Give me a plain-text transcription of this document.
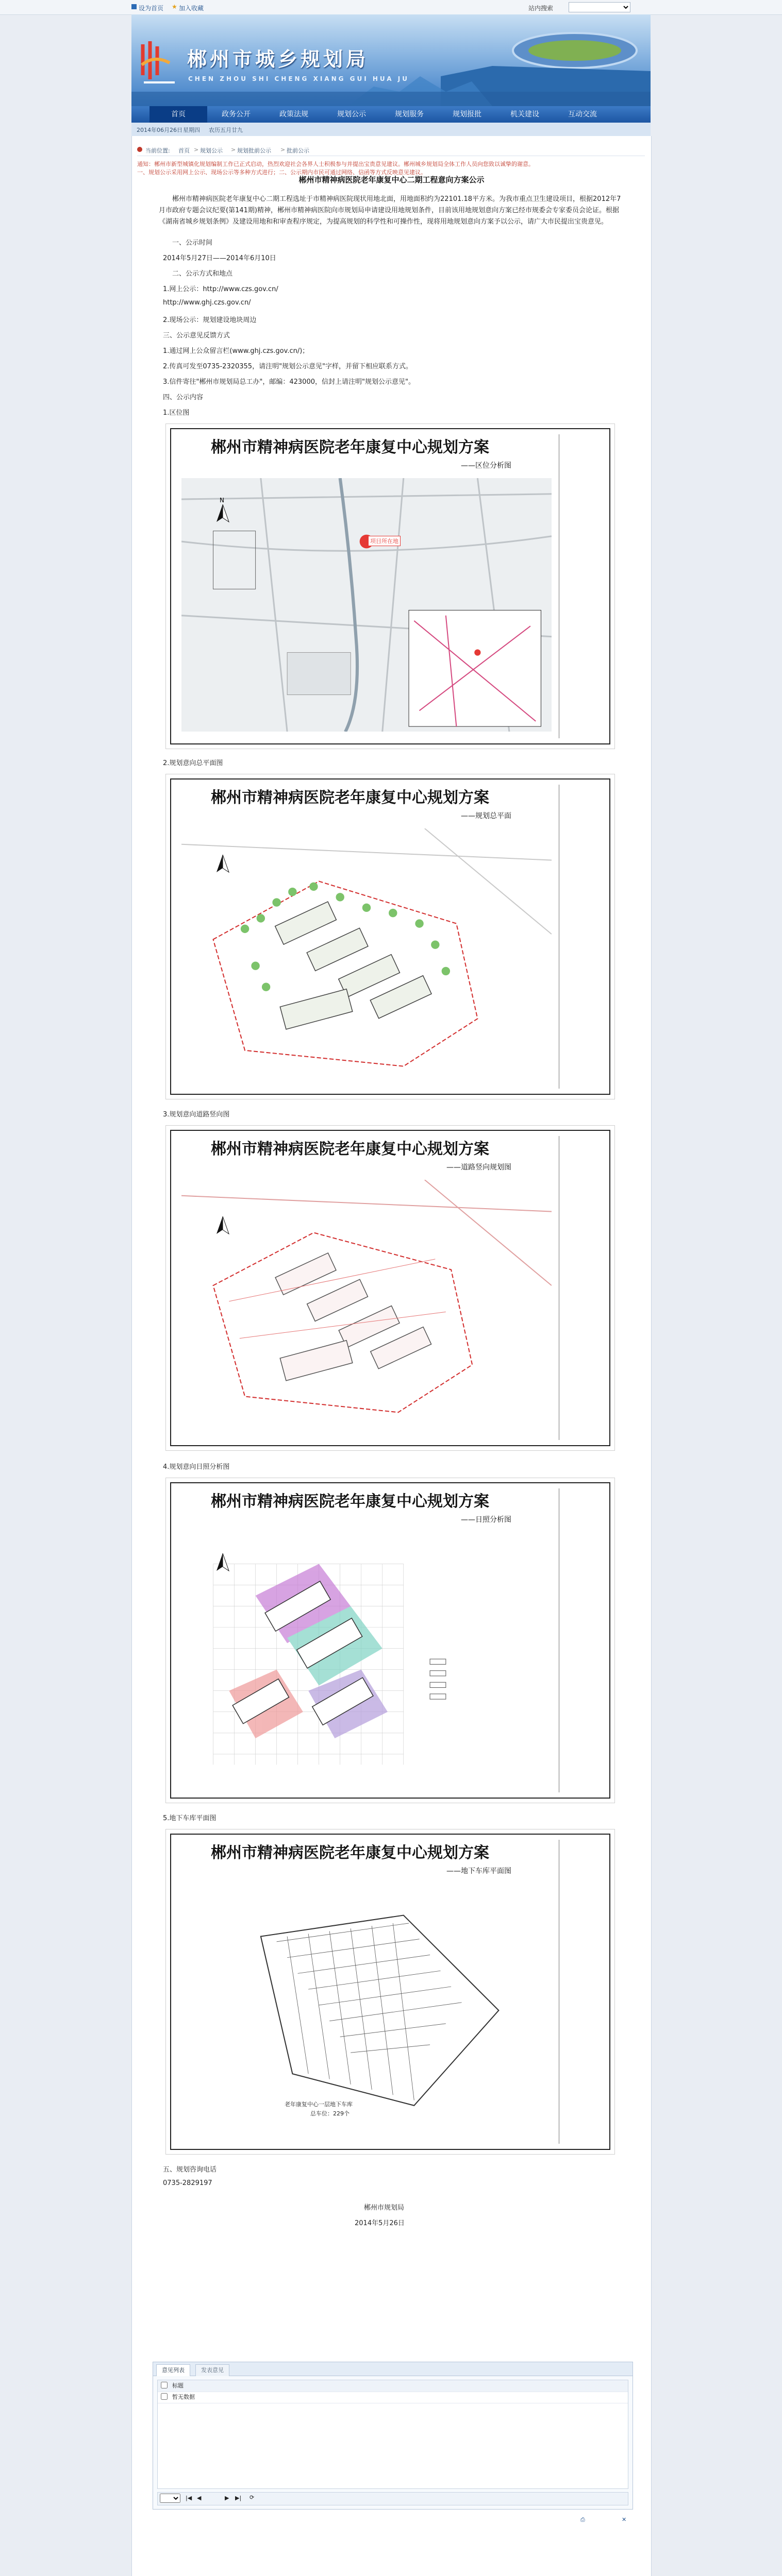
设为首页 ★ 加入收藏	站内搜索
郴州市城乡规划局
CHEN ZHOU SHI CHENG XIANG GUI HUA JU
首页	政务公开	政策法规	规划公示	规划服务	规划报批	机关建设	互动交流
2014年06月26日 星期四 农历五月廿九
当前位置: 首页 > 规划公示 > 规划批前公示 > 批前公示
通知：郴州市新型城镇化规划编制工作已正式启动，热烈欢迎社会各界人士积极参与并提出宝贵意见建议。郴州城乡规划局全体工作人员向您致以诚挚的谢意。
一、规划公示采用网上公示、现场公示等多种方式进行；二、公示期内市民可通过网络、信函等方式反映意见建议。
郴州市精神病医院老年康复中心二期工程意向方案公示
郴州市精神病医院老年康复中心二期工程选址于市精神病医院现状用地北面，用地面积约为22101.18平方米。为我市重点卫生建设项目，根据2012年7月市政府专题会议纪要(第141期)精神，郴州市精神病医院向市规划局申请建设用地规划条件，目前该用地规划意向方案已经市规委会专家委员会论证。根据《湖南省城乡规划条例》及建设用地和和审查程序规定，为提高规划的科学性和可操作性，现将用地规划意向方案予以公示，请广大市民提出宝贵意见。
一、公示时间
2014年5月27日——2014年6月10日
二、公示方式和地点
1.网上公示：http://www.czs.gov.cn/
http://www.ghj.czs.gov.cn/
2.现场公示：规划建设地块周边
三、公示意见反馈方式
1.通过网上公众留言栏(www.ghj.czs.gov.cn/)；
2.传真可发至0735-2320355，请注明"规划公示意见"字样，并留下相应联系方式。
3.信件寄往"郴州市规划局总工办"，邮编：423000，信封上请注明"规划公示意见"。
四、公示内容
1.区位图
郴州市精神病医院老年康复中心规划方案
——区位分析图
项目所在地
N
2.规划意向总平面图
郴州市精神病医院老年康复中心规划方案
——规划总平面
3.规划意向道路竖向图
郴州市精神病医院老年康复中心规划方案
——道路竖向规划图
4.规划意向日照分析图
郴州市精神病医院老年康复中心规划方案
——日照分析图
5.地下车库平面图
郴州市精神病医院老年康复中心规划方案
——地下车库平面图
老年康复中心一层地下车库
总车位：229个
五、规划咨询电话
0735-2829197
郴州市规划局
2014年5月26日
意见列表	发表意见
标题
暂无数据
|◀ ◀	▶ ▶| ⟳
⎙	✕
